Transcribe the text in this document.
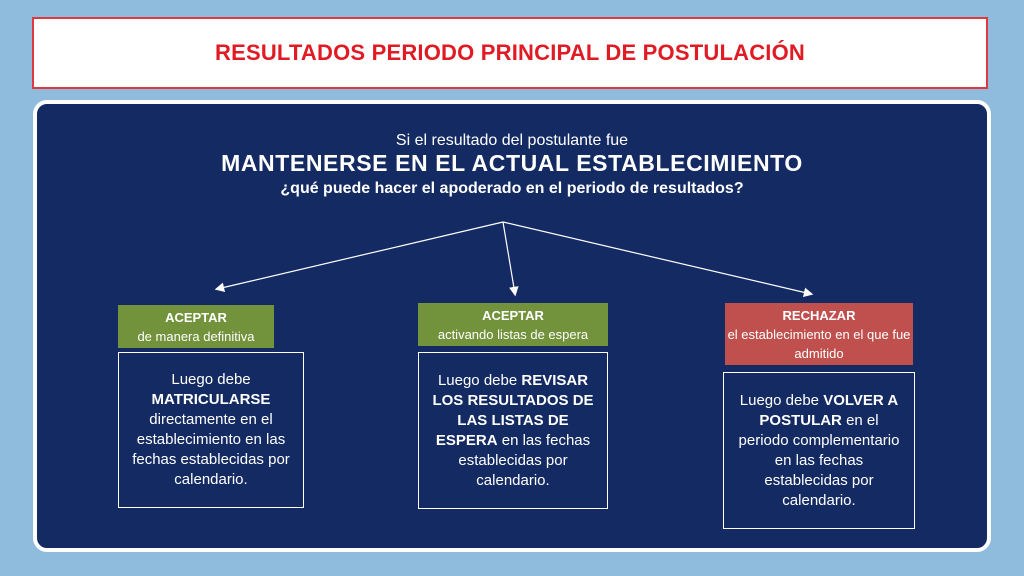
RESULTADOS PERIODO PRINCIPAL DE POSTULACIÓN
Si el resultado del postulante fue
MANTENERSE EN EL ACTUAL ESTABLECIMIENTO
¿qué puede hacer el apoderado en el periodo de resultados?
ACEPTAR
de manera definitiva
Luego debe MATRICULARSE directamente en el establecimiento en las fechas establecidas por calendario.
ACEPTAR
activando listas de espera
Luego debe REVISAR LOS RESULTADOS DE LAS LISTAS DE ESPERA en las fechas establecidas por calendario.
RECHAZAR
el establecimiento en el que fue admitido
Luego debe VOLVER A POSTULAR en el periodo complementario en las fechas establecidas por calendario.
